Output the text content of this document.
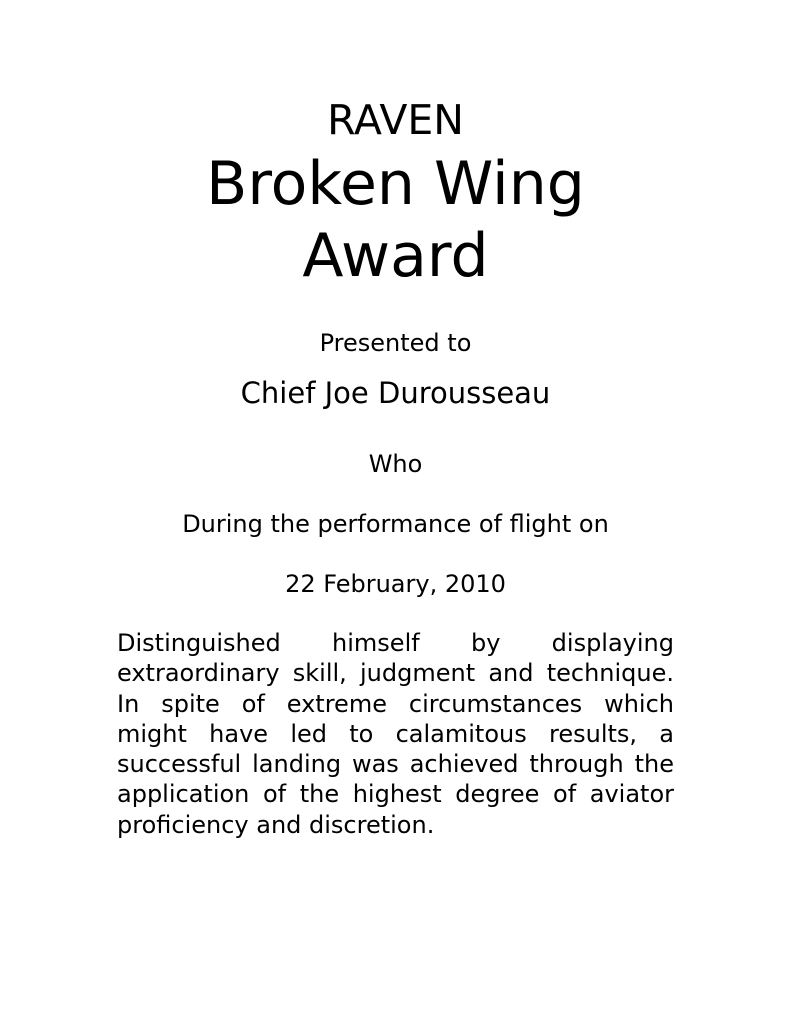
RAVEN
Broken Wing Award
Presented to
Chief Joe Durousseau
Who
During the performance of flight on
22 February, 2010
Distinguished himself by displaying extraordinary skill, judgment and technique. In spite of extreme circumstances which might have led to calamitous results, a successful landing was achieved through the application of the highest degree of aviator proficiency and discretion.
